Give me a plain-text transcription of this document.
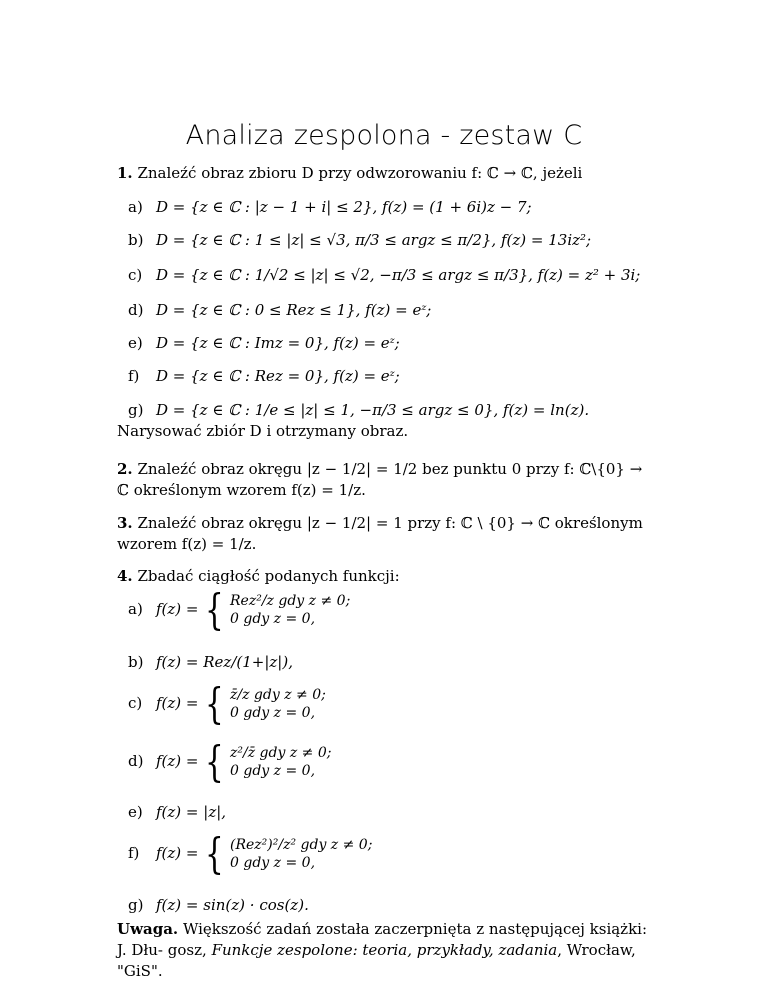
Analiza zespolona - zestaw C
1. Znaleźć obraz zbioru D przy odwzorowaniu f: ℂ → ℂ, jeżeli
a) D = {z ∈ ℂ : |z − 1 + i| ≤ 2}, f(z) = (1 + 6i)z − 7;
b) D = {z ∈ ℂ : 1 ≤ |z| ≤ √3, π/3 ≤ argz ≤ π/2}, f(z) = 13iz²;
c) D = {z ∈ ℂ : 1/√2 ≤ |z| ≤ √2, −π/3 ≤ argz ≤ π/3}, f(z) = z² + 3i;
d) D = {z ∈ ℂ : 0 ≤ Rez ≤ 1}, f(z) = eᶻ;
e) D = {z ∈ ℂ : Imz = 0}, f(z) = eᶻ;
f) D = {z ∈ ℂ : Rez = 0}, f(z) = eᶻ;
g) D = {z ∈ ℂ : 1/e ≤ |z| ≤ 1, −π/3 ≤ argz ≤ 0}, f(z) = ln(z).
Narysować zbiór D i otrzymany obraz.
2. Znaleźć obraz okręgu |z − 1/2| = 1/2 bez punktu 0 przy f: ℂ\{0} → ℂ określonym wzorem f(z) = 1/z.
3. Znaleźć obraz okręgu |z − 1/2| = 1 przy f: ℂ \ {0} → ℂ określonym wzorem f(z) = 1/z.
4. Zbadać ciągłość podanych funkcji:
a) f(z) = { Rez²/z gdy z ≠ 0;
0 gdy z = 0,
b) f(z) = Rez/(1+|z|),
c) f(z) = { z̄/z gdy z ≠ 0;
0 gdy z = 0,
d) f(z) = { z²/z̄ gdy z ≠ 0;
0 gdy z = 0,
e) f(z) = |z|,
f) f(z) = { (Rez²)²/z² gdy z ≠ 0;
0 gdy z = 0,
g) f(z) = sin(z) · cos(z).
Uwaga. Większość zadań została zaczerpnięta z następującej książki: J. Dłu- gosz, Funkcje zespolone: teoria, przykłady, zadania, Wrocław, "GiS".
